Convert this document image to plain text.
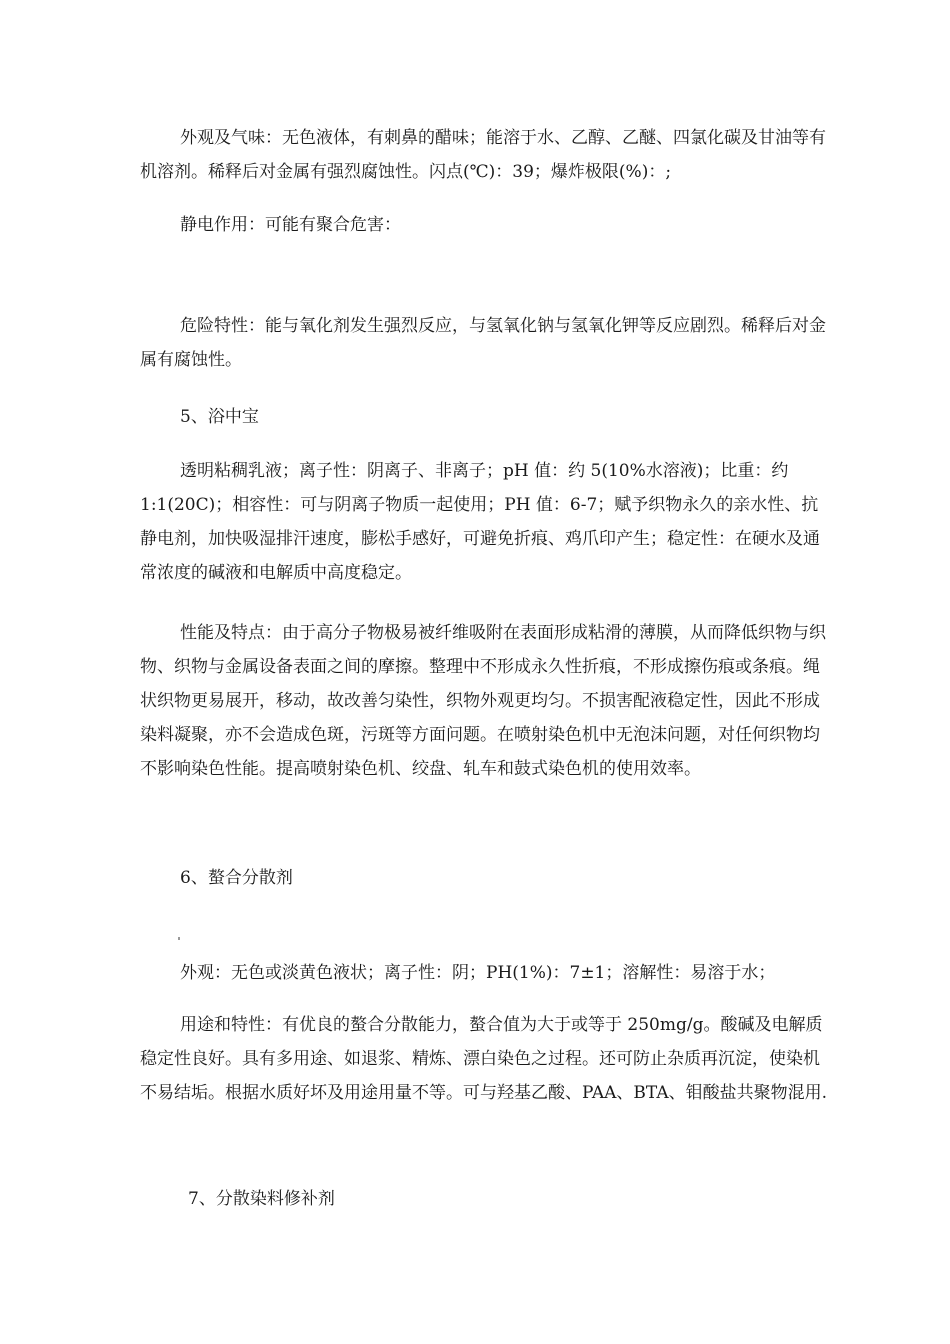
外观及气味：无色液体，有刺鼻的醋味；能溶于水、乙醇、乙醚、四氯化碳及甘油等有机溶剂。稀释后对金属有强烈腐蚀性。闪点(℃)：39；爆炸极限(%)：;

静电作用：可能有聚合危害：

危险特性：能与氧化剂发生强烈反应，与氢氧化钠与氢氧化钾等反应剧烈。稀释后对金属有腐蚀性。

5、浴中宝

透明粘稠乳液；离子性：阴离子、非离子；pH 值：约 5(10%水溶液)；比重：约 1:1(20C)；相容性：可与阴离子物质一起使用；PH 值：6-7；赋予织物永久的亲水性、抗静电剂，加快吸湿排汗速度，膨松手感好，可避免折痕、鸡爪印产生；稳定性：在硬水及通常浓度的碱液和电解质中高度稳定。

性能及特点：由于高分子物极易被纤维吸附在表面形成粘滑的薄膜，从而降低织物与织物、织物与金属设备表面之间的摩擦。整理中不形成永久性折痕，不形成擦伤痕或条痕。绳状织物更易展开，移动，故改善匀染性，织物外观更均匀。不损害配液稳定性，因此不形成染料凝聚，亦不会造成色斑，污斑等方面问题。在喷射染色机中无泡沫问题，对任何织物均不影响染色性能。提高喷射染色机、绞盘、轧车和鼓式染色机的使用效率。

6、螯合分散剂

外观：无色或淡黄色液状；离子性：阴；PH(1%)：7±1；溶解性：易溶于水；

用途和特性：有优良的螯合分散能力，螯合值为大于或等于 250mg/g。酸碱及电解质稳定性良好。具有多用途、如退浆、精炼、漂白染色之过程。还可防止杂质再沉淀，使染机不易结垢。根据水质好坏及用途用量不等。可与羟基乙酸、PAA、BTA、钼酸盐共聚物混用.

7、分散染料修补剂
